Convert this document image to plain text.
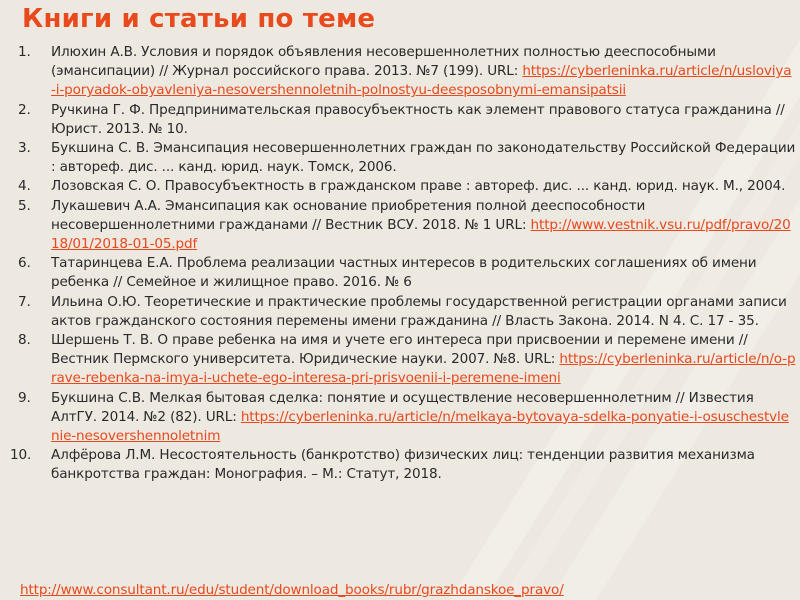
Книги и статьи по теме
1. Илюхин А.В. Условия и порядок объявления несовершеннолетних полностью дееспособными (эмансипации) // Журнал российского права. 2013. №7 (199). URL: https://cyberleninka.ru/article/n/usloviya-i-poryadok-obyavleniya-nesovershennoletnih-polnostyu-deesposobnymi-emansipatsii
2. Ручкина Г. Ф. Предпринимательская правосубъектность как элемент правового статуса гражданина // Юрист. 2013. № 10.
3. Букшина С. В. Эмансипация несовершеннолетних граждан по законодательству Российской Федерации : автореф. дис. ... канд. юрид. наук. Томск, 2006.
4. Лозовская С. О. Правосубъектность в гражданском праве : автореф. дис. ... канд. юрид. наук. М., 2004.
5. Лукашевич А.А. Эмансипация как основание приобретения полной дееспособности несовершеннолетними гражданами // Вестник ВСУ. 2018. № 1 URL: http://www.vestnik.vsu.ru/pdf/pravo/2018/01/2018-01-05.pdf
6. Татаринцева Е.А. Проблема реализации частных интересов в родительских соглашениях об имени ребенка // Семейное и жилищное право. 2016. № 6
7. Ильина О.Ю. Теоретические и практические проблемы государственной регистрации органами записи актов гражданского состояния перемены имени гражданина // Власть Закона. 2014. N 4. С. 17 - 35.
8. Шершень Т. В. О праве ребенка на имя и учете его интереса при присвоении и перемене имени // Вестник Пермского университета. Юридические науки. 2007. №8. URL: https://cyberleninka.ru/article/n/o-prave-rebenka-na-imya-i-uchete-ego-interesa-pri-prisvoenii-i-peremene-imeni
9. Букшина С.В. Мелкая бытовая сделка: понятие и осуществление несовершеннолетним // Известия АлтГУ. 2014. №2 (82). URL: https://cyberleninka.ru/article/n/melkaya-bytovaya-sdelka-ponyatie-i-osuschestvlenie-nesovershennoletnim
10. Алфёрова Л.М. Несостоятельность (банкротство) физических лиц: тенденции развития механизма банкротства граждан: Монография. – М.: Статут, 2018.
http://www.consultant.ru/edu/student/download_books/rubr/grazhdanskoe_pravo/
